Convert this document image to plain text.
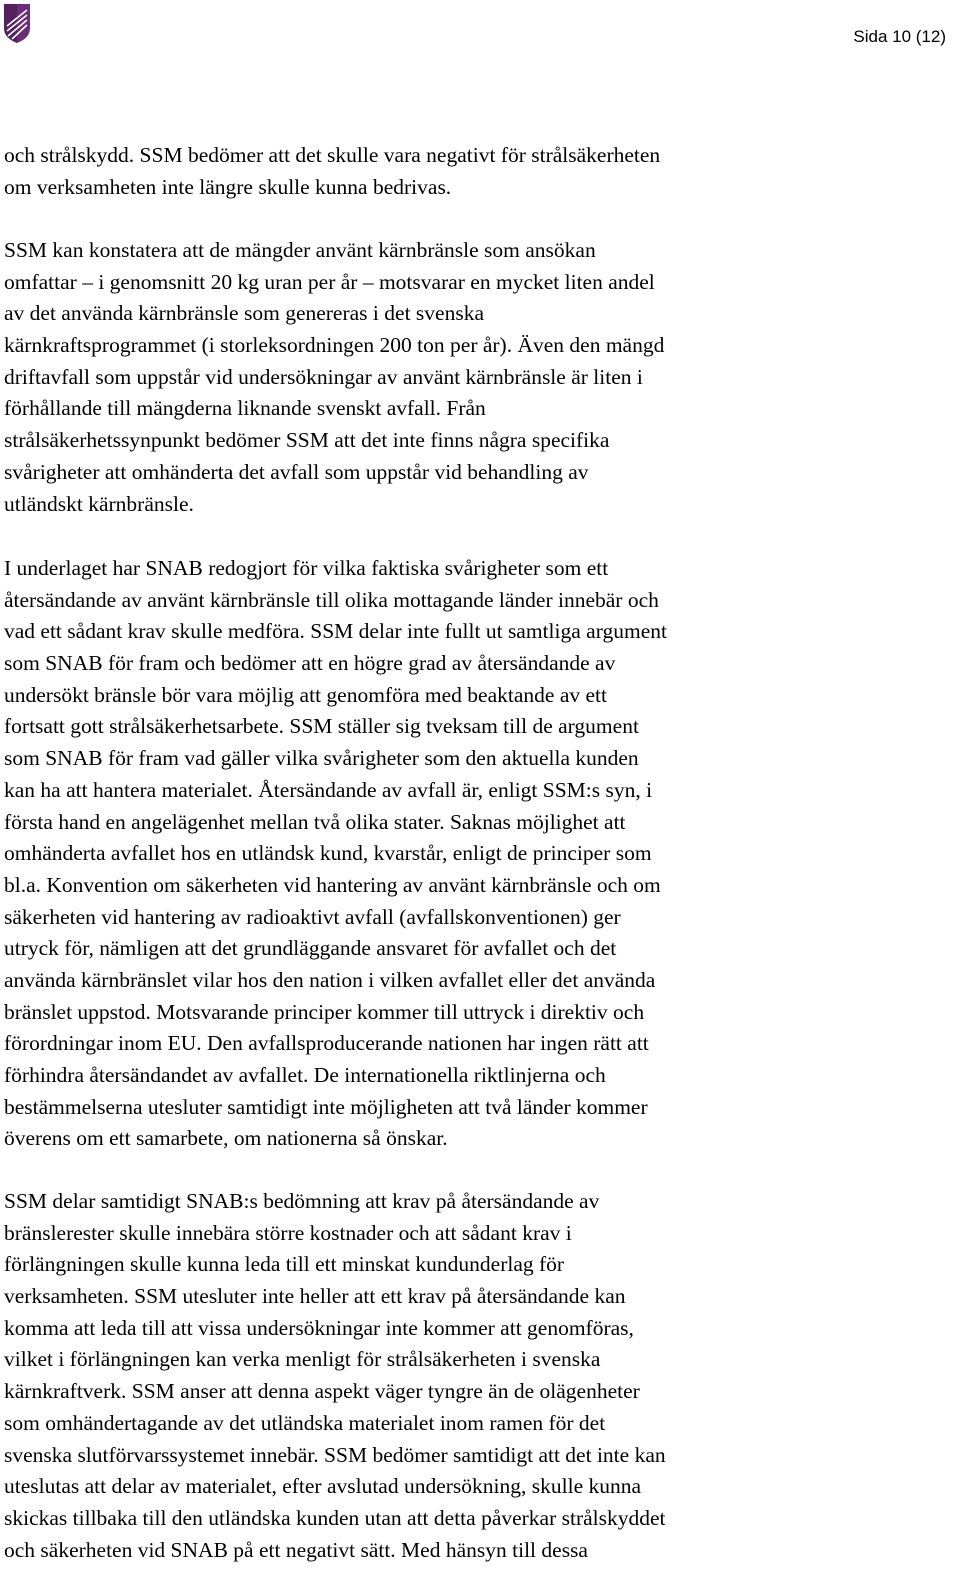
Sida 10 (12)

och strålskydd. SSM bedömer att det skulle vara negativt för strålsäkerheten
om verksamheten inte längre skulle kunna bedrivas.

SSM kan konstatera att de mängder använt kärnbränsle som ansökan
omfattar – i genomsnitt 20 kg uran per år – motsvarar en mycket liten andel
av det använda kärnbränsle som genereras i det svenska
kärnkraftsprogrammet (i storleksordningen 200 ton per år). Även den mängd
driftavfall som uppstår vid undersökningar av använt kärnbränsle är liten i
förhållande till mängderna liknande svenskt avfall. Från
strålsäkerhetssynpunkt bedömer SSM att det inte finns några specifika
svårigheter att omhänderta det avfall som uppstår vid behandling av
utländskt kärnbränsle.

I underlaget har SNAB redogjort för vilka faktiska svårigheter som ett
återsändande av använt kärnbränsle till olika mottagande länder innebär och
vad ett sådant krav skulle medföra. SSM delar inte fullt ut samtliga argument
som SNAB för fram och bedömer att en högre grad av återsändande av
undersökt bränsle bör vara möjlig att genomföra med beaktande av ett
fortsatt gott strålsäkerhetsarbete. SSM ställer sig tveksam till de argument
som SNAB för fram vad gäller vilka svårigheter som den aktuella kunden
kan ha att hantera materialet. Återsändande av avfall är, enligt SSM:s syn, i
första hand en angelägenhet mellan två olika stater. Saknas möjlighet att
omhänderta avfallet hos en utländsk kund, kvarstår, enligt de principer som
bl.a. Konvention om säkerheten vid hantering av använt kärnbränsle och om
säkerheten vid hantering av radioaktivt avfall (avfallskonventionen) ger
utryck för, nämligen att det grundläggande ansvaret för avfallet och det
använda kärnbränslet vilar hos den nation i vilken avfallet eller det använda
bränslet uppstod. Motsvarande principer kommer till uttryck i direktiv och
förordningar inom EU. Den avfallsproducerande nationen har ingen rätt att
förhindra återsändandet av avfallet. De internationella riktlinjerna och
bestämmelserna utesluter samtidigt inte möjligheten att två länder kommer
överens om ett samarbete, om nationerna så önskar.

SSM delar samtidigt SNAB:s bedömning att krav på återsändande av
bränslerester skulle innebära större kostnader och att sådant krav i
förlängningen skulle kunna leda till ett minskat kundunderlag för
verksamheten. SSM utesluter inte heller att ett krav på återsändande kan
komma att leda till att vissa undersökningar inte kommer att genomföras,
vilket i förlängningen kan verka menligt för strålsäkerheten i svenska
kärnkraftverk. SSM anser att denna aspekt väger tyngre än de olägenheter
som omhändertagande av det utländska materialet inom ramen för det
svenska slutförvarssystemet innebär. SSM bedömer samtidigt att det inte kan
uteslutas att delar av materialet, efter avslutad undersökning, skulle kunna
skickas tillbaka till den utländska kunden utan att detta påverkar strålskyddet
och säkerheten vid SNAB på ett negativt sätt. Med hänsyn till dessa
